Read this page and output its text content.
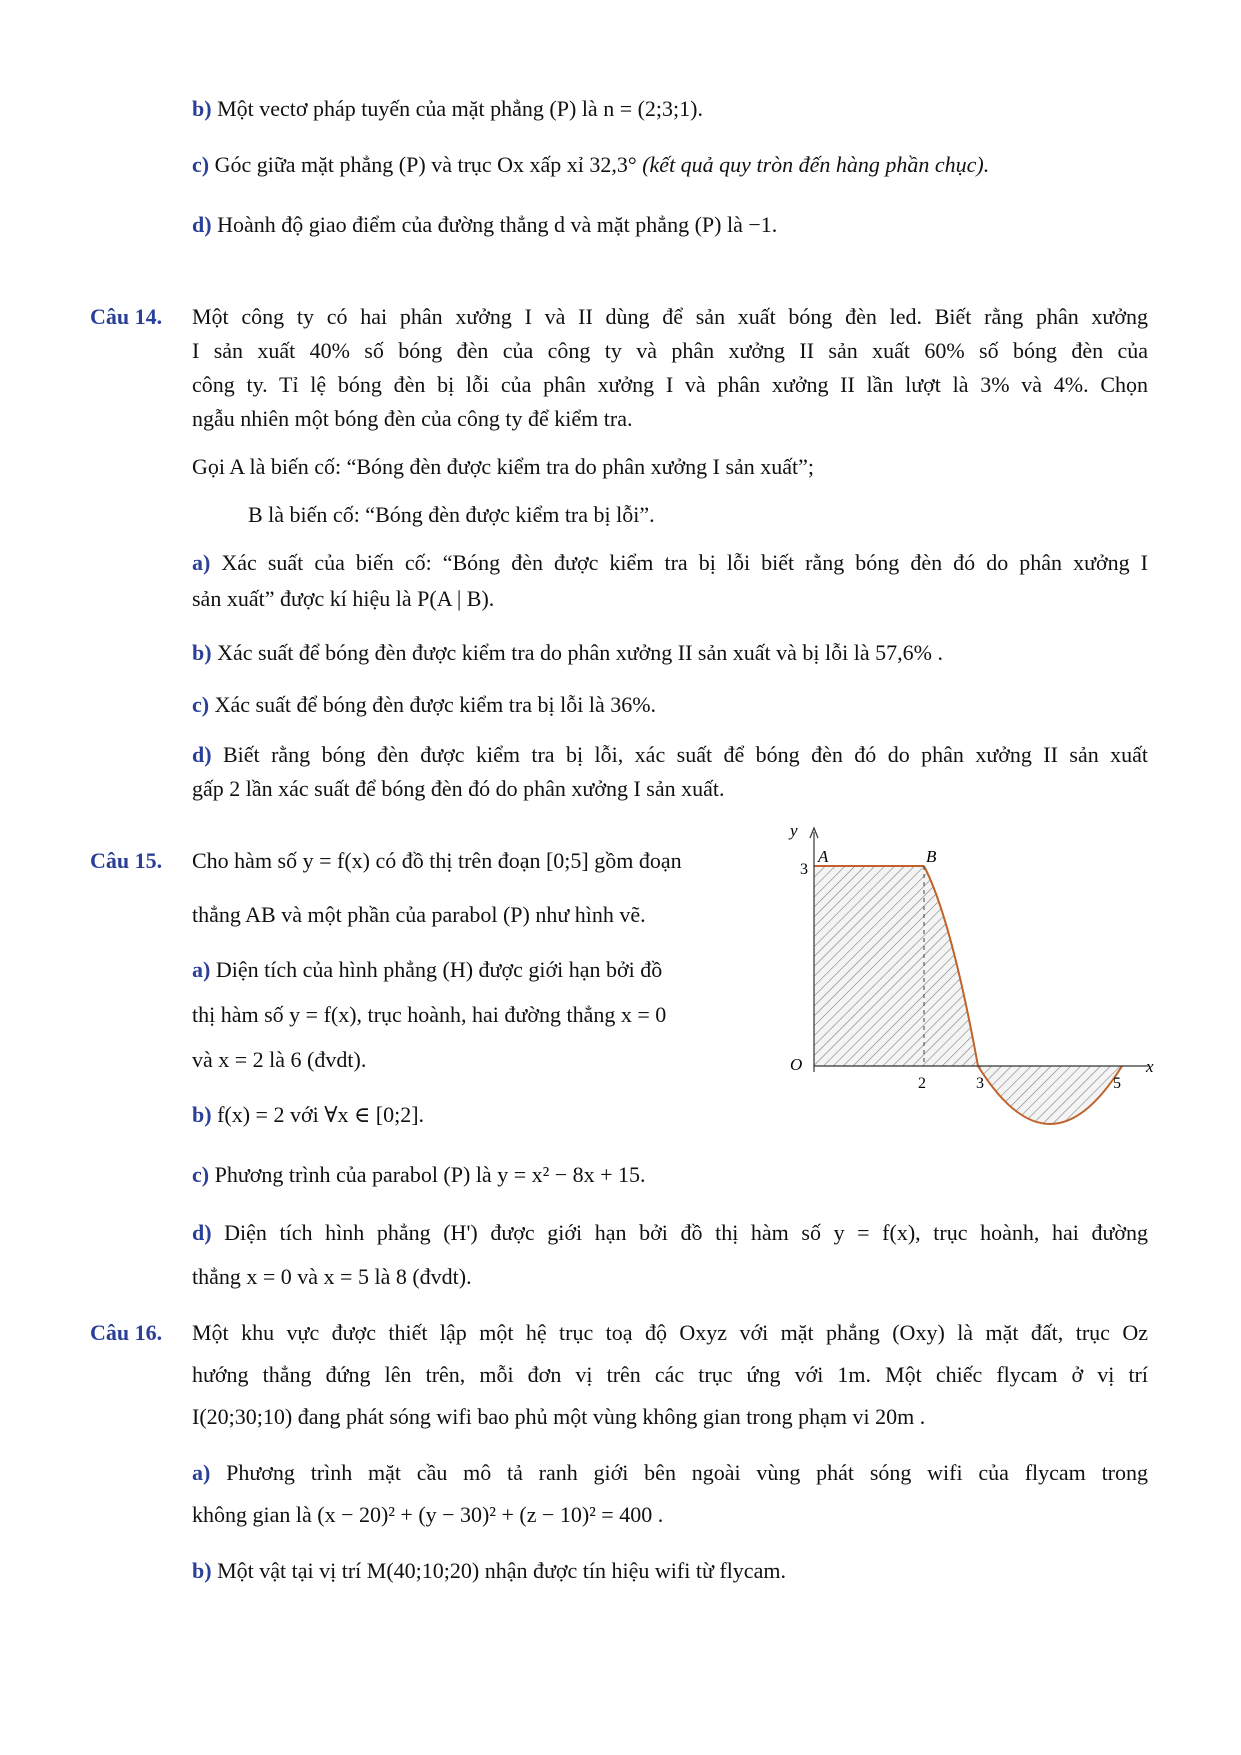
b) Một vectơ pháp tuyến của mặt phẳng (P) là n = (2;3;1).
c) Góc giữa mặt phẳng (P) và trục Ox xấp xỉ 32,3° (kết quả quy tròn đến hàng phần chục).
d) Hoành độ giao điểm của đường thẳng d và mặt phẳng (P) là −1.
Câu 14. Một công ty có hai phân xưởng I và II dùng để sản xuất bóng đèn led. Biết rằng phân xưởng
I sản xuất 40% số bóng đèn của công ty và phân xưởng II sản xuất 60% số bóng đèn của
công ty. Tỉ lệ bóng đèn bị lỗi của phân xưởng I và phân xưởng II lần lượt là 3% và 4%. Chọn
ngẫu nhiên một bóng đèn của công ty để kiểm tra.
Gọi A là biến cố: “Bóng đèn được kiểm tra do phân xưởng I sản xuất”;
B là biến cố: “Bóng đèn được kiểm tra bị lỗi”.
a) Xác suất của biến cố: “Bóng đèn được kiểm tra bị lỗi biết rằng bóng đèn đó do phân xưởng I
sản xuất” được kí hiệu là P(A | B).
b) Xác suất để bóng đèn được kiểm tra do phân xưởng II sản xuất và bị lỗi là 57,6% .
c) Xác suất để bóng đèn được kiểm tra bị lỗi là 36%.
d) Biết rằng bóng đèn được kiểm tra bị lỗi, xác suất để bóng đèn đó do phân xưởng II sản xuất
gấp 2 lần xác suất để bóng đèn đó do phân xưởng I sản xuất.
Câu 15. Cho hàm số y = f(x) có đồ thị trên đoạn [0;5] gồm đoạn
thẳng AB và một phần của parabol (P) như hình vẽ.
a) Diện tích của hình phẳng (H) được giới hạn bởi đồ
thị hàm số y = f(x), trục hoành, hai đường thẳng x = 0
và x = 2 là 6 (đvdt).
b) f(x) = 2 với ∀x ∈ [0;2].
c) Phương trình của parabol (P) là y = x² − 8x + 15.
d) Diện tích hình phẳng (H') được giới hạn bởi đồ thị hàm số y = f(x), trục hoành, hai đường
thẳng x = 0 và x = 5 là 8 (đvdt).
y
x
O
A	B
3
2	3	5
Câu 16. Một khu vực được thiết lập một hệ trục toạ độ Oxyz với mặt phẳng (Oxy) là mặt đất, trục Oz
hướng thẳng đứng lên trên, mỗi đơn vị trên các trục ứng với 1m. Một chiếc flycam ở vị trí
I(20;30;10) đang phát sóng wifi bao phủ một vùng không gian trong phạm vi 20m .
a) Phương trình mặt cầu mô tả ranh giới bên ngoài vùng phát sóng wifi của flycam trong
không gian là (x − 20)² + (y − 30)² + (z − 10)² = 400 .
b) Một vật tại vị trí M(40;10;20) nhận được tín hiệu wifi từ flycam.
